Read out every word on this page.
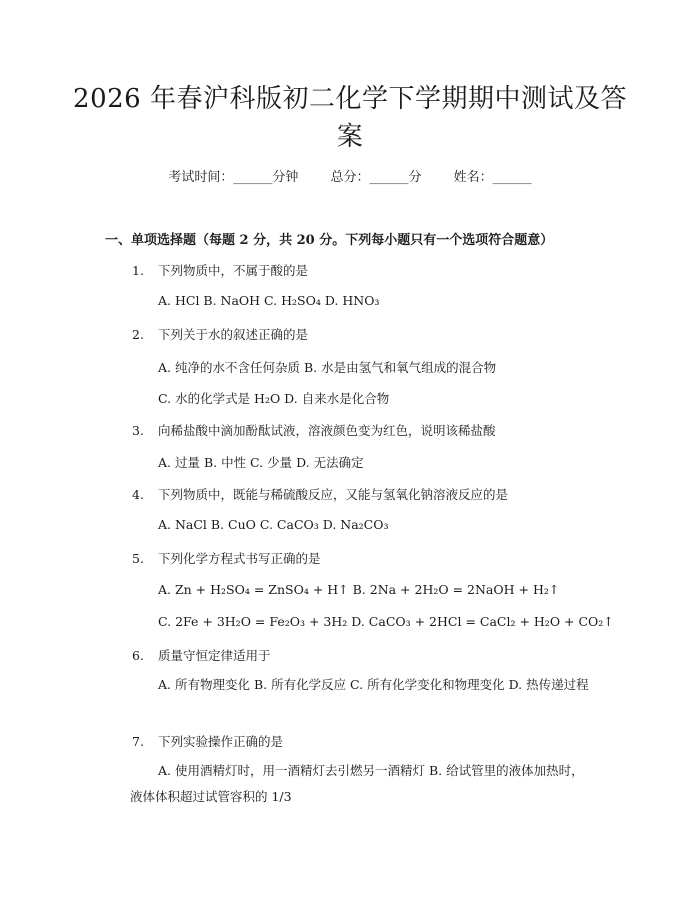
2026 年春沪科版初二化学下学期期中测试及答案
考试时间：______分钟 总分：______分 姓名：______
一、单项选择题（每题 2 分，共 20 分。下列每小题只有一个选项符合题意）
1. 下列物质中，不属于酸的是
A. HCl B. NaOH C. H₂SO₄ D. HNO₃
2. 下列关于水的叙述正确的是
A. 纯净的水不含任何杂质 B. 水是由氢气和氧气组成的混合物
C. 水的化学式是 H₂O D. 自来水是化合物
3. 向稀盐酸中滴加酚酞试液，溶液颜色变为红色，说明该稀盐酸
A. 过量 B. 中性 C. 少量 D. 无法确定
4. 下列物质中，既能与稀硫酸反应，又能与氢氧化钠溶液反应的是
A. NaCl B. CuO C. CaCO₃ D. Na₂CO₃
5. 下列化学方程式书写正确的是
A. Zn + H₂SO₄ = ZnSO₄ + H↑ B. 2Na + 2H₂O = 2NaOH + H₂↑
C. 2Fe + 3H₂O = Fe₂O₃ + 3H₂ D. CaCO₃ + 2HCl = CaCl₂ + H₂O + CO₂↑
6. 质量守恒定律适用于
A. 所有物理变化 B. 所有化学反应 C. 所有化学变化和物理变化 D. 热传递过程
7. 下列实验操作正确的是
A. 使用酒精灯时，用一酒精灯去引燃另一酒精灯 B. 给试管里的液体加热时，液体体积超过试管容积的 1/3
